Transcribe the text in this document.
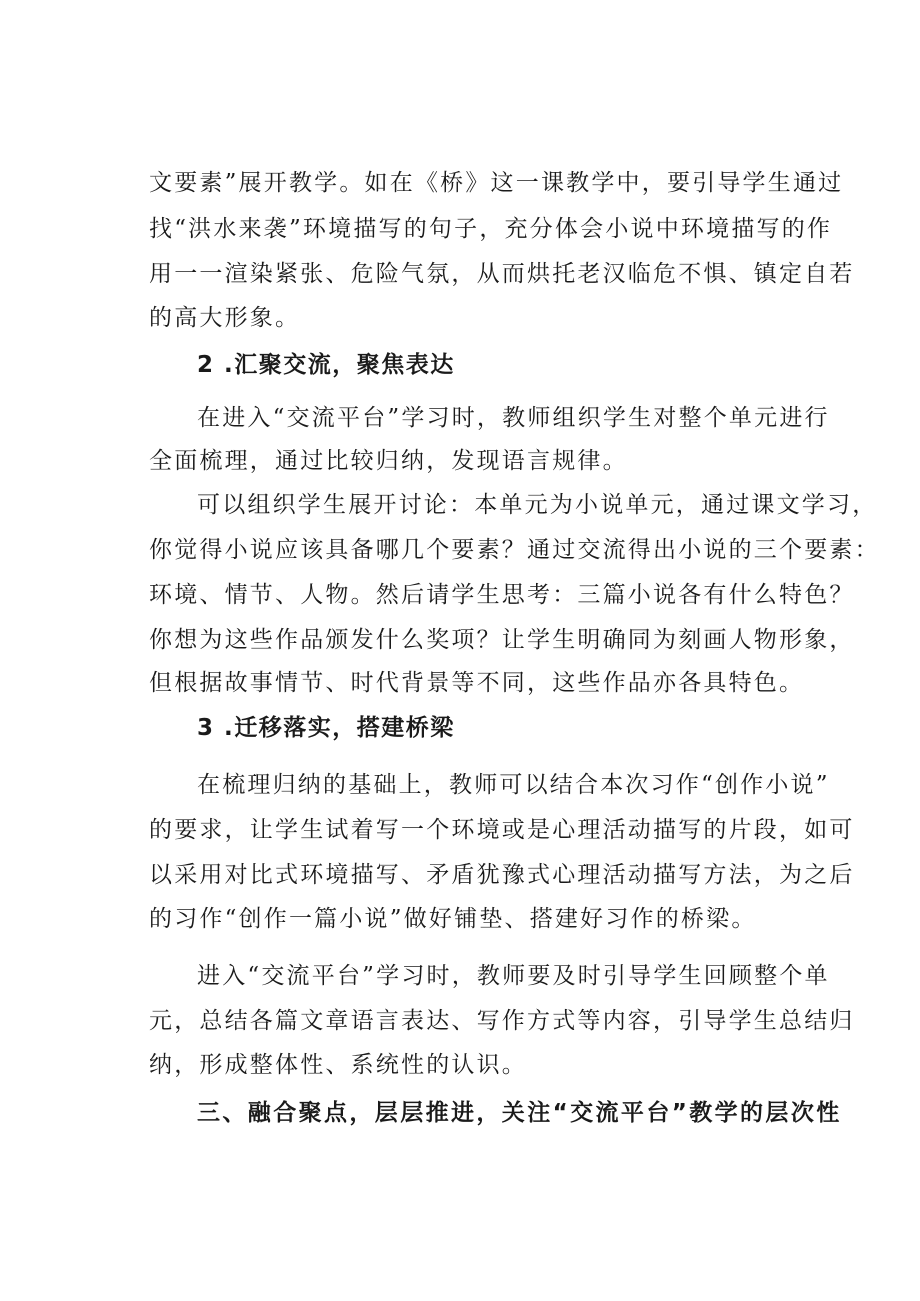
文要素”展开教学。如在《桥》这一课教学中，要引导学生通过
找“洪水来袭”环境描写的句子，充分体会小说中环境描写的作
用一一渲染紧张、危险气氛，从而烘托老汉临危不惧、镇定自若
的高大形象。
2 .汇聚交流，聚焦表达
在进入“交流平台”学习时，教师组织学生对整个单元进行
全面梳理，通过比较归纳，发现语言规律。
可以组织学生展开讨论：本单元为小说单元，通过课文学习，
你觉得小说应该具备哪几个要素？通过交流得出小说的三个要素：
环境、情节、人物。然后请学生思考：三篇小说各有什么特色？
你想为这些作品颁发什么奖项？让学生明确同为刻画人物形象，
但根据故事情节、时代背景等不同，这些作品亦各具特色。
3 .迁移落实，搭建桥梁
在梳理归纳的基础上，教师可以结合本次习作“创作小说”
的要求，让学生试着写一个环境或是心理活动描写的片段，如可
以采用对比式环境描写、矛盾犹豫式心理活动描写方法，为之后
的习作“创作一篇小说”做好铺垫、搭建好习作的桥梁。
进入“交流平台”学习时，教师要及时引导学生回顾整个单
元，总结各篇文章语言表达、写作方式等内容，引导学生总结归
纳，形成整体性、系统性的认识。
三、融合聚点，层层推进，关注“交流平台”教学的层次性
